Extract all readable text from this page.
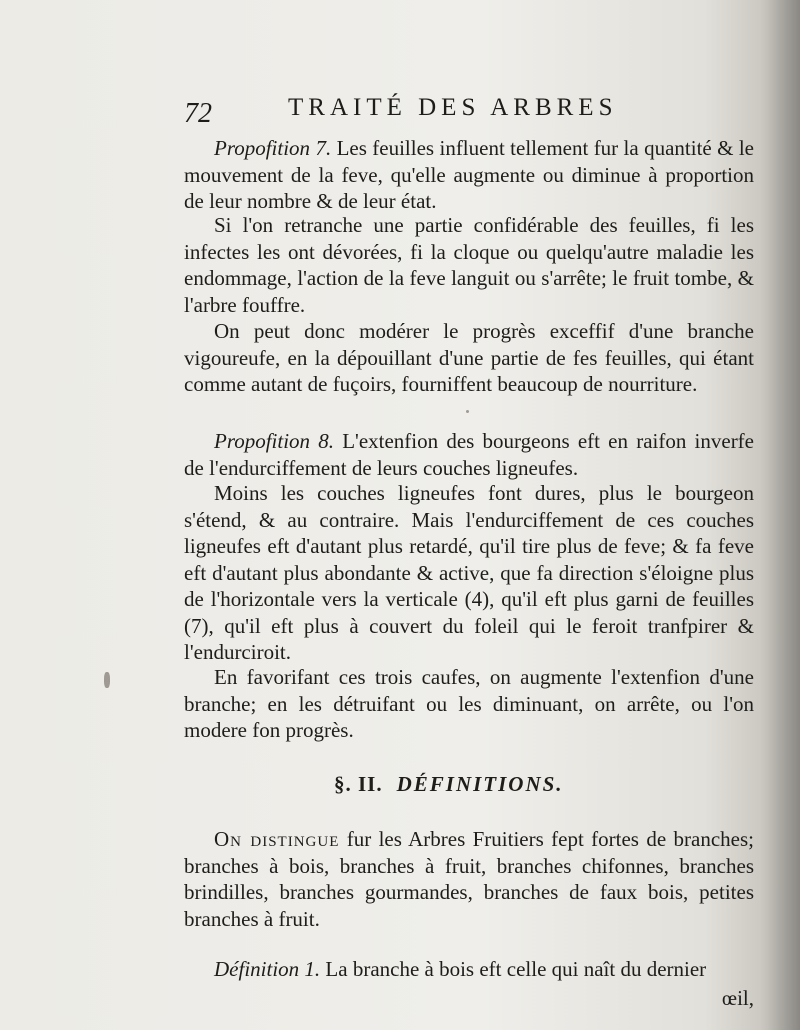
72	TRAITÉ DES ARBRES

Propofition 7. Les feuilles influent tellement fur la quantité & le mouvement de la feve, qu'elle augmente ou diminue à proportion de leur nombre & de leur état.

Si l'on retranche une partie confidérable des feuilles, fi les infectes les ont dévorées, fi la cloque ou quelqu'autre maladie les endommage, l'action de la feve languit ou s'arrête; le fruit tombe, & l'arbre fouffre.

On peut donc modérer le progrès exceffif d'une branche vigoureufe, en la dépouillant d'une partie de fes feuilles, qui étant comme autant de fuçoirs, fourniffent beaucoup de nourriture.

Propofition 8. L'extenfion des bourgeons eft en raifon inverfe de l'endurciffement de leurs couches ligneufes.

Moins les couches ligneufes font dures, plus le bourgeon s'étend, & au contraire. Mais l'endurciffement de ces couches ligneufes eft d'autant plus retardé, qu'il tire plus de feve; & fa feve eft d'autant plus abondante & active, que fa direction s'éloigne plus de l'horizontale vers la verticale (4), qu'il eft plus garni de feuilles (7), qu'il eft plus à couvert du foleil qui le feroit tranfpirer & l'endurciroit.

En favorifant ces trois caufes, on augmente l'extenfion d'une branche; en les détruifant ou les diminuant, on arrête, ou l'on modere fon progrès.

§. II. DÉFINITIONS.

On distingue fur les Arbres Fruitiers fept fortes de branches; branches à bois, branches à fruit, branches chifonnes, branches brindilles, branches gourmandes, branches de faux bois, petites branches à fruit.

Définition 1. La branche à bois eft celle qui naît du dernier

œil,
